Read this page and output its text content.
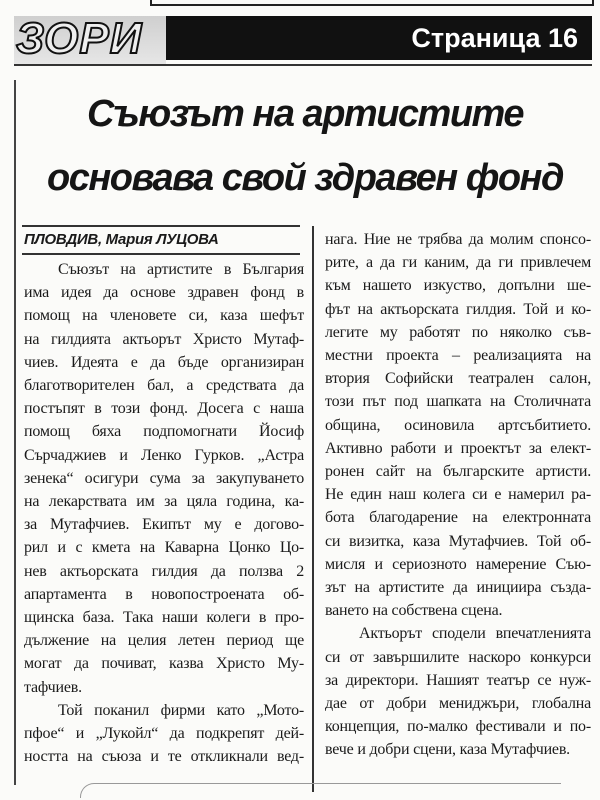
ЗОРИ	Страница 16
Съюзът на артистите
основава свой здравен фонд
ПЛОВДИВ, Мария ЛУЦОВА
Съюзът на артистите в България
има идея да основе здравен фонд в
помощ на членовете си, каза шефът
на гилдията актьорът Христо Мутаф-
чиев. Идеята е да бъде организиран
благотворителен бал, а средствата да
постъпят в този фонд. Досега с наша
помощ бяха подпомогнати Йосиф
Сърчаджиев и Ленко Гурков. „Астра
зенека“ осигури сума за закупуването
на лекарствата им за цяла година, ка-
за Мутафчиев. Екипът му е догово-
рил и с кмета на Каварна Цонко Цо-
нев актьорската гилдия да ползва 2
апартамента в новопостроената об-
щинска база. Така наши колеги в про-
дължение на целия летен период ще
могат да почиват, казва Христо Му-
тафчиев.
Той поканил фирми като „Мото-
пфое“ и „Лукойл“ да подкрепят дей-
ността на съюза и те откликнали вед-
нага. Ние не трябва да молим спонсо-
рите, а да ги каним, да ги привлечем
към нашето изкуство, допълни ше-
фът на актьорската гилдия. Той и ко-
легите му работят по няколко съв-
местни проекта – реализацията на
втория Софийски театрален салон,
този път под шапката на Столичната
община, осиновила артсъбитието.
Активно работи и проектът за елект-
ронен сайт на българските артисти.
Не един наш колега си е намерил ра-
бота благодарение на електронната
си визитка, каза Мутафчиев. Той об-
мисля и сериозното намерение Съю-
зът на артистите да инициира създа-
ването на собствена сцена.
Актьорът сподели впечатленията
си от завършилите наскоро конкурси
за директори. Нашият театър се нуж-
дае от добри мениджъри, глобална
концепция, по-малко фестивали и по-
вече и добри сцени, каза Мутафчиев.
